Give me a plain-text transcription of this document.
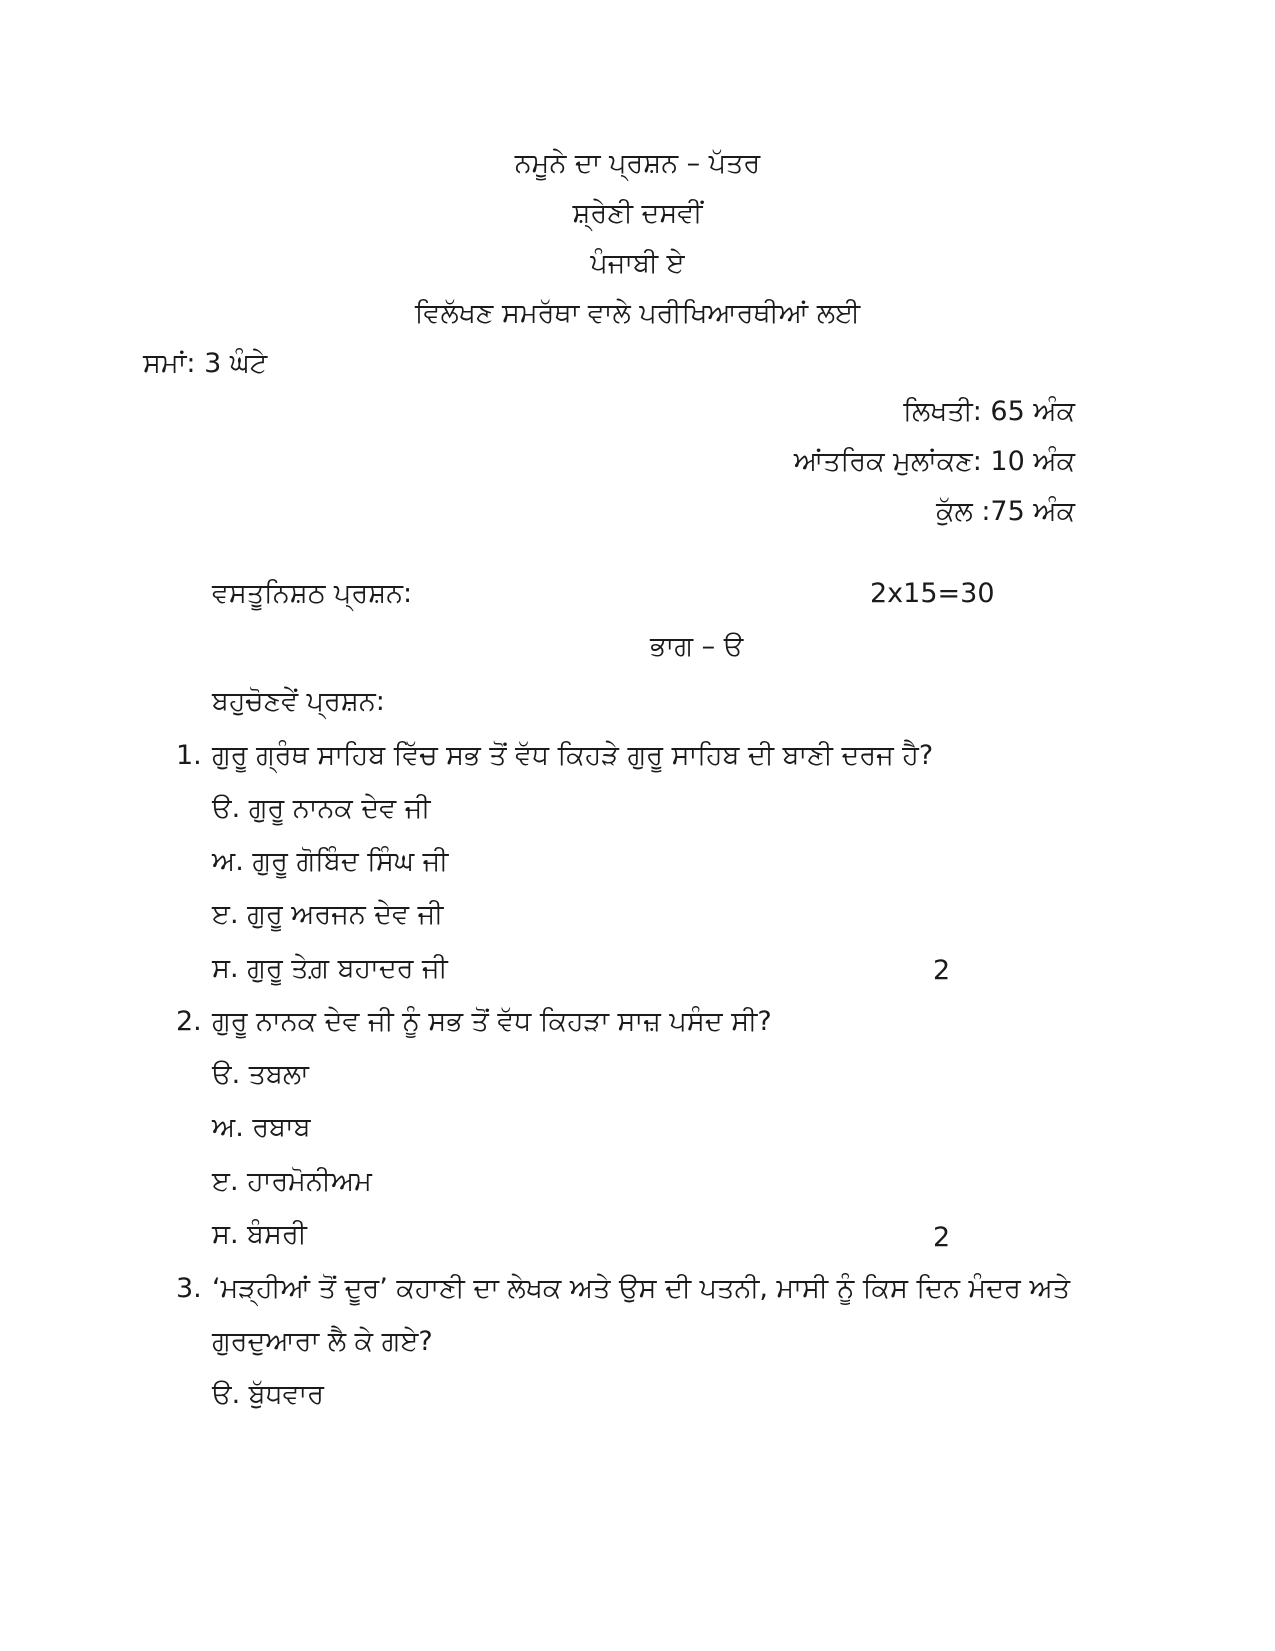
ਨਮੂਨੇ ਦਾ ਪ੍ਰਸ਼ਨ – ਪੱਤਰ
ਸ਼੍ਰੇਣੀ ਦਸਵੀਂ
ਪੰਜਾਬੀ ਏ
ਵਿਲੱਖਣ ਸਮਰੱਥਾ ਵਾਲੇ ਪਰੀਖਿਆਰਥੀਆਂ ਲਈ
ਸਮਾਂ: 3 ਘੰਟੇ
ਲਿਖਤੀ: 65 ਅੰਕ
ਆਂਤਰਿਕ ਮੁਲਾਂਕਣ: 10 ਅੰਕ
ਕੁੱਲ :75 ਅੰਕ
ਵਸਤੂਨਿਸ਼ਠ ਪ੍ਰਸ਼ਨ:	2x15=30
ਭਾਗ – ੳ
ਬਹੁਚੋਣਵੇਂ ਪ੍ਰਸ਼ਨ:
1. ਗੁਰੂ ਗ੍ਰੰਥ ਸਾਹਿਬ ਵਿੱਚ ਸਭ ਤੋਂ ਵੱਧ ਕਿਹੜੇ ਗੁਰੂ ਸਾਹਿਬ ਦੀ ਬਾਣੀ ਦਰਜ ਹੈ?
ੳ. ਗੁਰੂ ਨਾਨਕ ਦੇਵ ਜੀ
ਅ. ਗੁਰੂ ਗੋਬਿੰਦ ਸਿੰਘ ਜੀ
ੲ. ਗੁਰੂ ਅਰਜਨ ਦੇਵ ਜੀ
ਸ. ਗੁਰੂ ਤੇਗ਼ ਬਹਾਦਰ ਜੀ	2
2. ਗੁਰੂ ਨਾਨਕ ਦੇਵ ਜੀ ਨੂੰ ਸਭ ਤੋਂ ਵੱਧ ਕਿਹੜਾ ਸਾਜ਼ ਪਸੰਦ ਸੀ?
ੳ. ਤਬਲਾ
ਅ. ਰਬਾਬ
ੲ. ਹਾਰਮੋਨੀਅਮ
ਸ. ਬੰਸਰੀ	2
3. ‘ਮੜ੍ਹੀਆਂ ਤੋਂ ਦੂਰ’ ਕਹਾਣੀ ਦਾ ਲੇਖਕ ਅਤੇ ਉਸ ਦੀ ਪਤਨੀ, ਮਾਸੀ ਨੂੰ ਕਿਸ ਦਿਨ ਮੰਦਰ ਅਤੇ
ਗੁਰਦੁਆਰਾ ਲੈ ਕੇ ਗਏ?
ੳ. ਬੁੱਧਵਾਰ
